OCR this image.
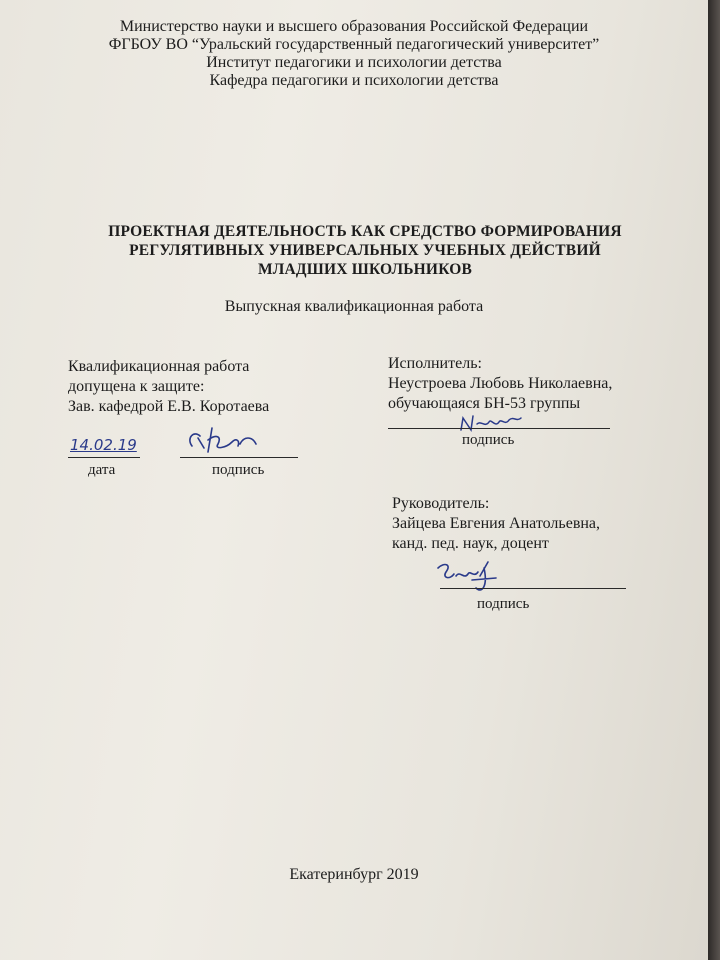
Министерство науки и высшего образования Российской Федерации
ФГБОУ ВО “Уральский государственный педагогический университет”
Институт педагогики и психологии детства
Кафедра педагогики и психологии детства
ПРОЕКТНАЯ ДЕЯТЕЛЬНОСТЬ КАК СРЕДСТВО ФОРМИРОВАНИЯ
РЕГУЛЯТИВНЫХ УНИВЕРСАЛЬНЫХ УЧЕБНЫХ ДЕЙСТВИЙ
МЛАДШИХ ШКОЛЬНИКОВ
Выпускная квалификационная работа
Квалификационная работа
допущена к защите:
Зав. кафедрой Е.В. Коротаева
14.02.19
дата	подпись
Исполнитель:
Неустроева Любовь Николаевна,
обучающаяся БН-53 группы
подпись
Руководитель:
Зайцева Евгения Анатольевна,
канд. пед. наук, доцент
подпись
Екатеринбург 2019
